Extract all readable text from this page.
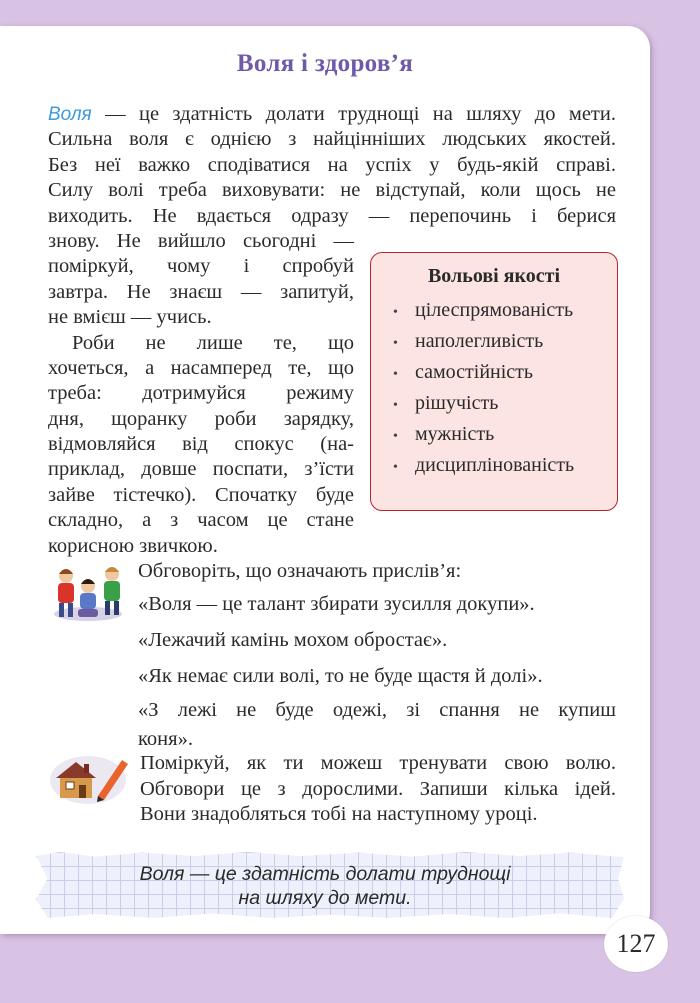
Воля і здоров’я
Воля — це здатність долати труднощі на шляху до мети.
Сильна воля є однією з найцінніших людських якостей.
Без неї важко сподіватися на успіх у будь-якій справі.
Силу волі треба виховувати: не відступай, коли щось не
виходить. Не вдається одразу — перепочинь і берися
знову. Не вийшло сьогодні —
поміркуй, чому і спробуй
завтра. Не знаєш — запитуй,
не вмієш — учись.
Роби не лише те, що
хочеться, а насамперед те, що
треба: дотримуйся режиму
дня, щоранку роби зарядку,
відмовляйся від спокус (на-
приклад, довше поспати, з’їсти
зайве тістечко). Спочатку буде
складно, а з часом це стане
корисною звичкою.
Вольові якості
• цілеспрямованість
• наполегливість
• самостійність
• рішучість
• мужність
• дисциплінованість
Обговоріть, що означають прислів’я:
«Воля — це талант збирати зусилля докупи».
«Лежачий камінь мохом обростає».
«Як немає сили волі, то не буде щастя й долі».
«З лежі не буде одежі, зі спання не купиш
коня».
Поміркуй, як ти можеш тренувати свою волю.
Обговори це з дорослими. Запиши кілька ідей.
Вони знадобляться тобі на наступному уроці.
Воля — це здатність долати труднощі
на шляху до мети.
127
